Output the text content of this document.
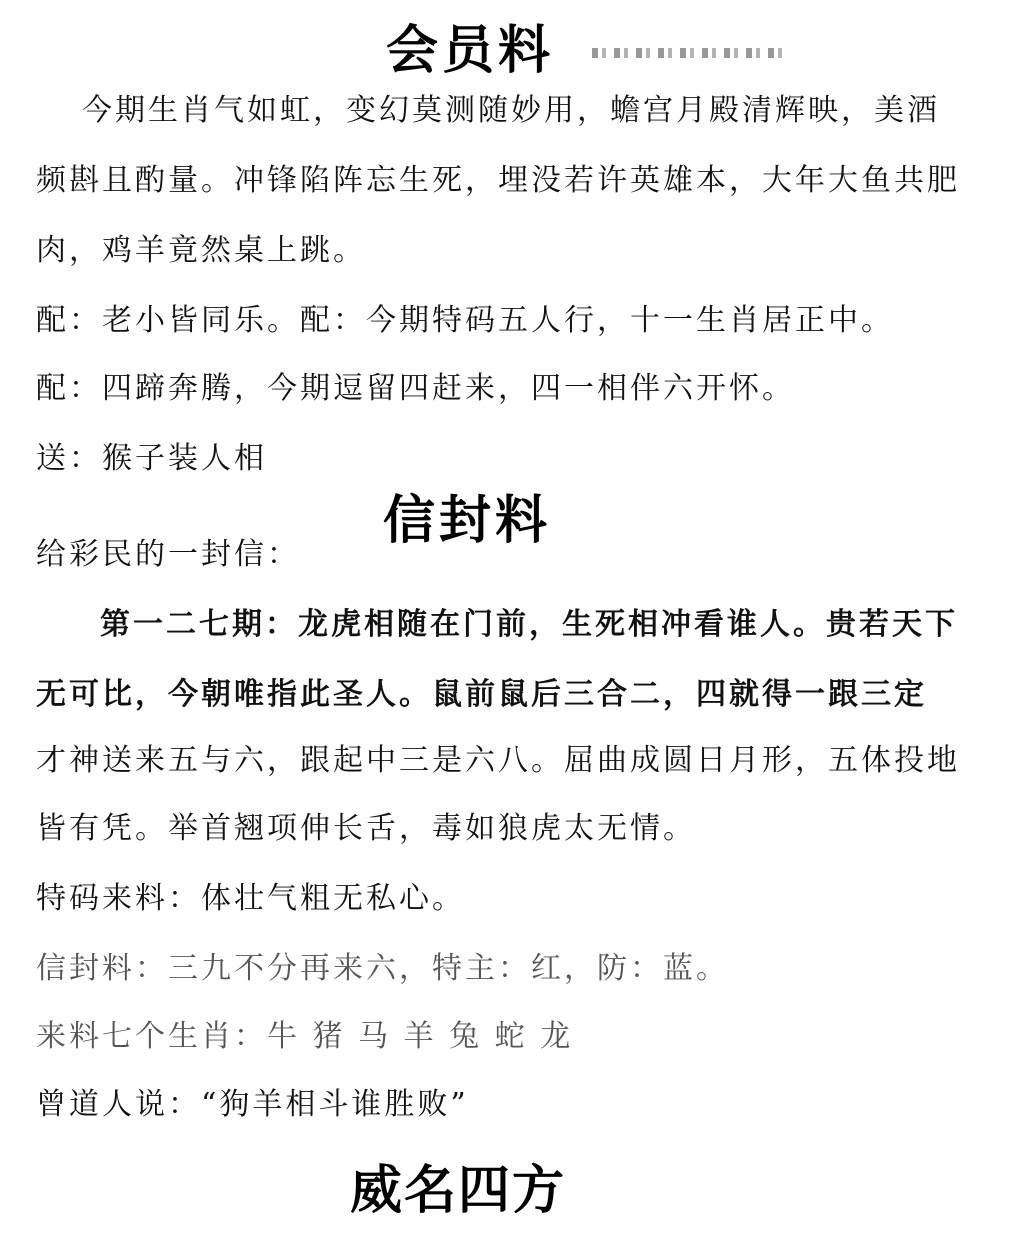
会员料
今期生肖气如虹，变幻莫测随妙用，蟾宫月殿清辉映，美酒
频斟且酌量。冲锋陷阵忘生死，埋没若许英雄本，大年大鱼共肥
肉，鸡羊竟然桌上跳。
配：老小皆同乐。配：今期特码五人行，十一生肖居正中。
配：四蹄奔腾，今期逗留四赶来，四一相伴六开怀。
送：猴子装人相
信封料
给彩民的一封信：
第一二七期：龙虎相随在门前，生死相冲看谁人。贵若天下
无可比，今朝唯指此圣人。鼠前鼠后三合二，四就得一跟三定
才神送来五与六，跟起中三是六八。屈曲成圆日月形，五体投地
皆有凭。举首翘项伸长舌，毒如狼虎太无情。
特码来料：体壮气粗无私心。
信封料：三九不分再来六，特主：红，防：蓝。
来料七个生肖：牛 猪 马 羊 兔 蛇 龙
曾道人说：“狗羊相斗谁胜败”
威名四方
